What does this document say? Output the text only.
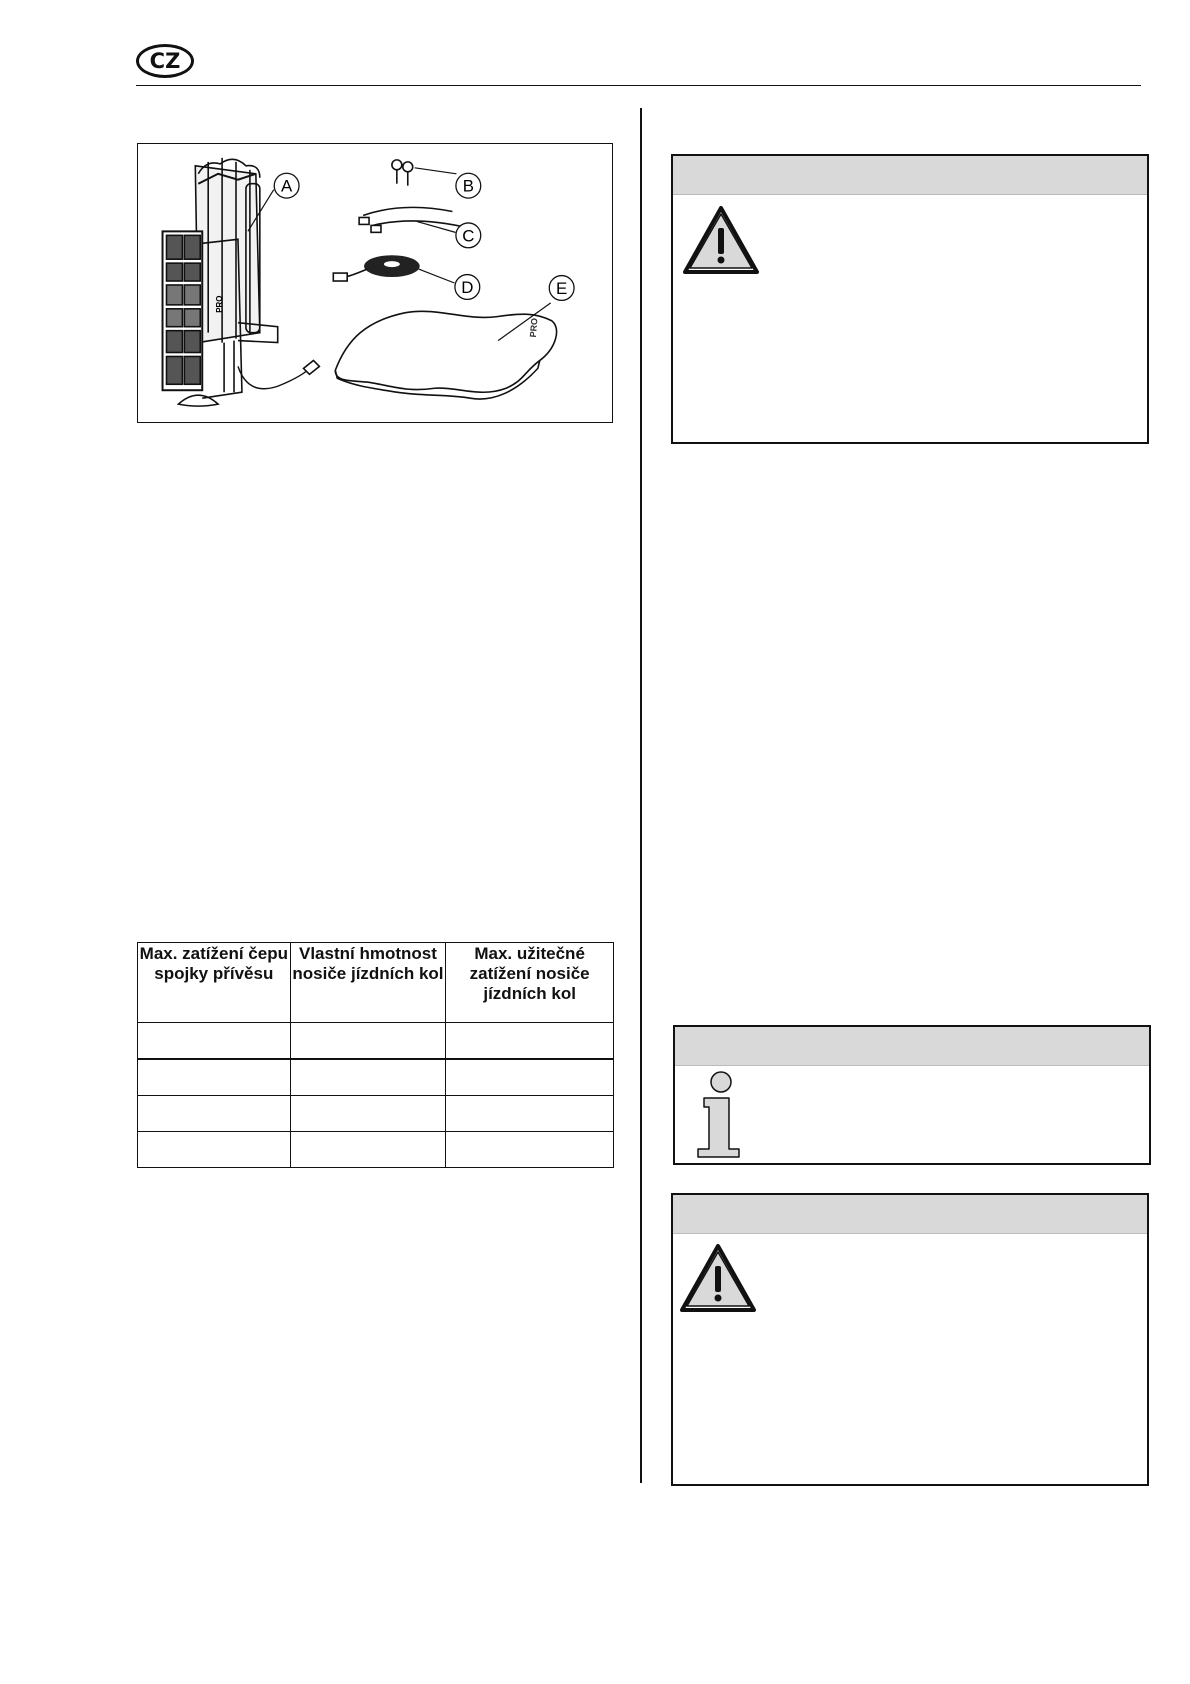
CZ
PRO
A	B
C
D
PRO
E
Max. zatížení čepu spojky přívěsu	Vlastní hmotnost nosiče jízdních kol	Max. užitečné zatížení nosiče jízdních kol
